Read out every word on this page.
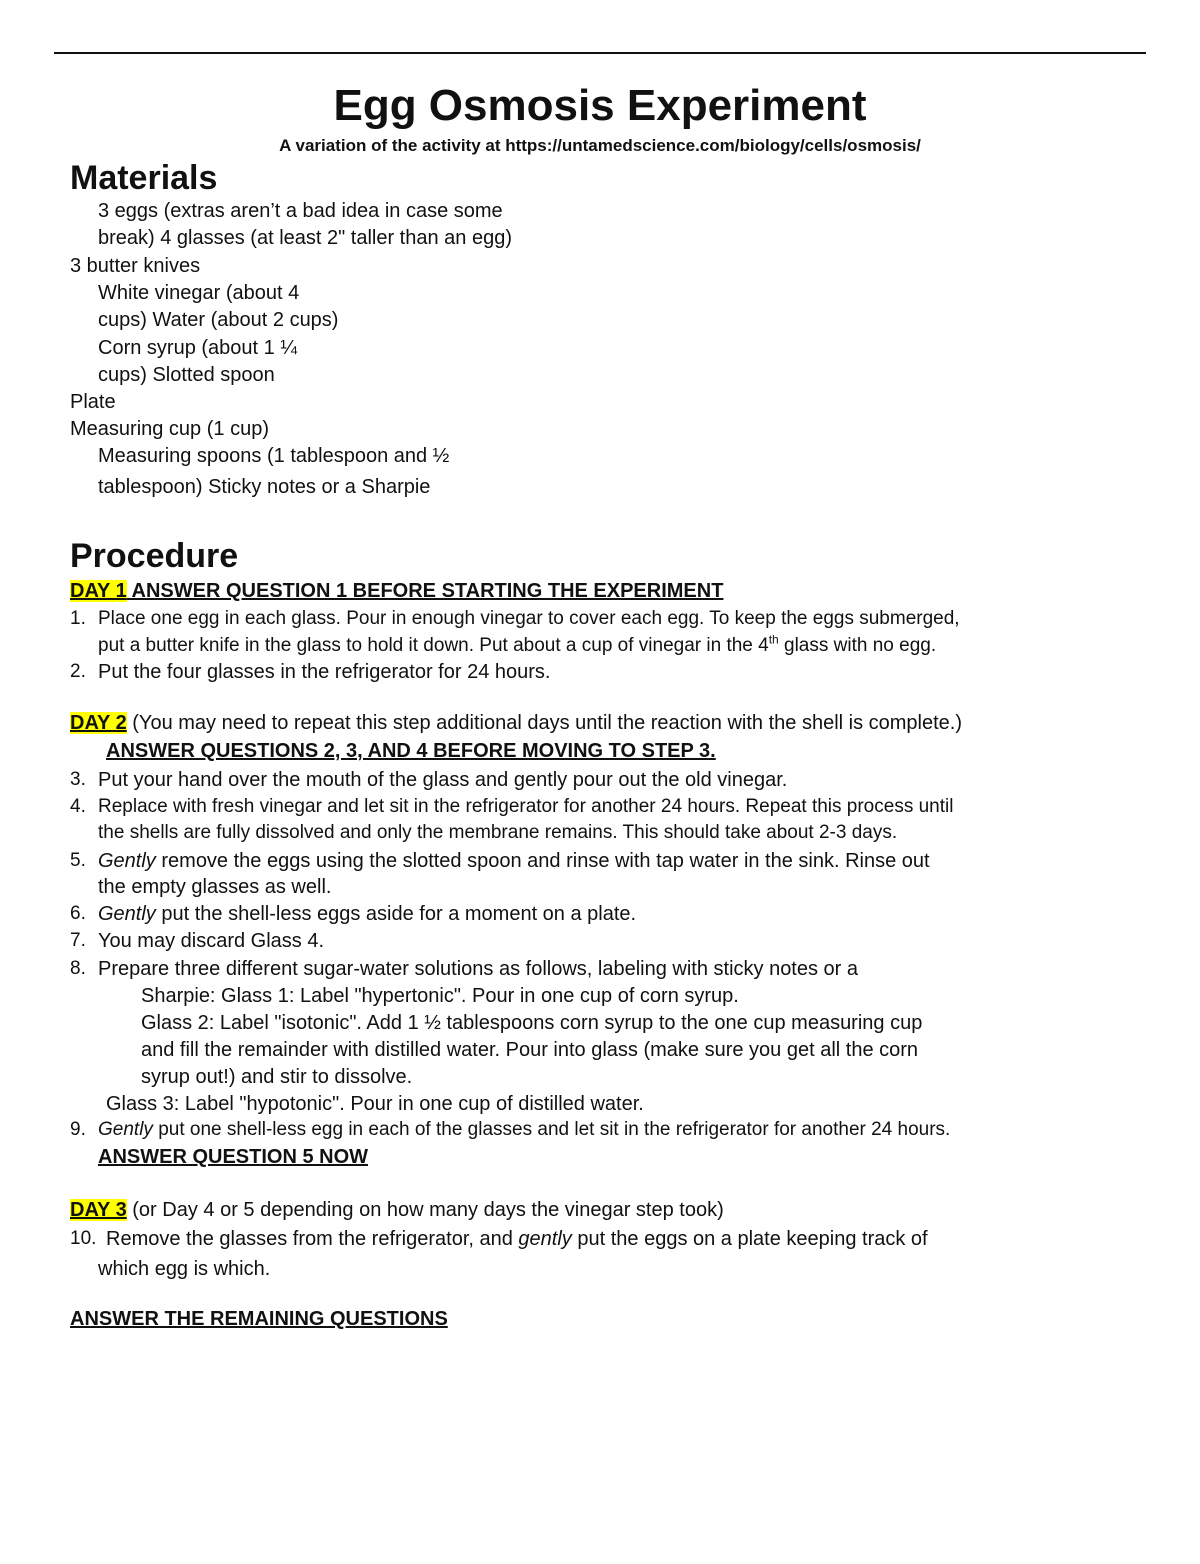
Egg Osmosis Experiment
A variation of the activity at https://untamedscience.com/biology/cells/osmosis/
Materials
3 eggs (extras aren’t a bad idea in case some
break) 4 glasses (at least 2" taller than an egg)
3 butter knives
White vinegar (about 4
cups) Water (about 2 cups)
Corn syrup (about 1 ¼
cups) Slotted spoon
Plate
Measuring cup (1 cup)
Measuring spoons (1 tablespoon and ½
tablespoon) Sticky notes or a Sharpie
Procedure
DAY 1 ANSWER QUESTION 1 BEFORE STARTING THE EXPERIMENT
1. Place one egg in each glass. Pour in enough vinegar to cover each egg. To keep the eggs submerged,
put a butter knife in the glass to hold it down. Put about a cup of vinegar in the 4th glass with no egg.
2. Put the four glasses in the refrigerator for 24 hours.
DAY 2 (You may need to repeat this step additional days until the reaction with the shell is complete.)
ANSWER QUESTIONS 2, 3, AND 4 BEFORE MOVING TO STEP 3.
3. Put your hand over the mouth of the glass and gently pour out the old vinegar.
4. Replace with fresh vinegar and let sit in the refrigerator for another 24 hours. Repeat this process until
the shells are fully dissolved and only the membrane remains. This should take about 2-3 days.
5. Gently remove the eggs using the slotted spoon and rinse with tap water in the sink. Rinse out
the empty glasses as well.
6. Gently put the shell-less eggs aside for a moment on a plate.
7. You may discard Glass 4.
8. Prepare three different sugar-water solutions as follows, labeling with sticky notes or a
Sharpie: Glass 1: Label "hypertonic". Pour in one cup of corn syrup.
Glass 2: Label "isotonic". Add 1 ½ tablespoons corn syrup to the one cup measuring cup
and fill the remainder with distilled water. Pour into glass (make sure you get all the corn
syrup out!) and stir to dissolve.
Glass 3: Label "hypotonic". Pour in one cup of distilled water.
9. Gently put one shell-less egg in each of the glasses and let sit in the refrigerator for another 24 hours.
ANSWER QUESTION 5 NOW
DAY 3 (or Day 4 or 5 depending on how many days the vinegar step took)
10. Remove the glasses from the refrigerator, and gently put the eggs on a plate keeping track of
which egg is which.
ANSWER THE REMAINING QUESTIONS
